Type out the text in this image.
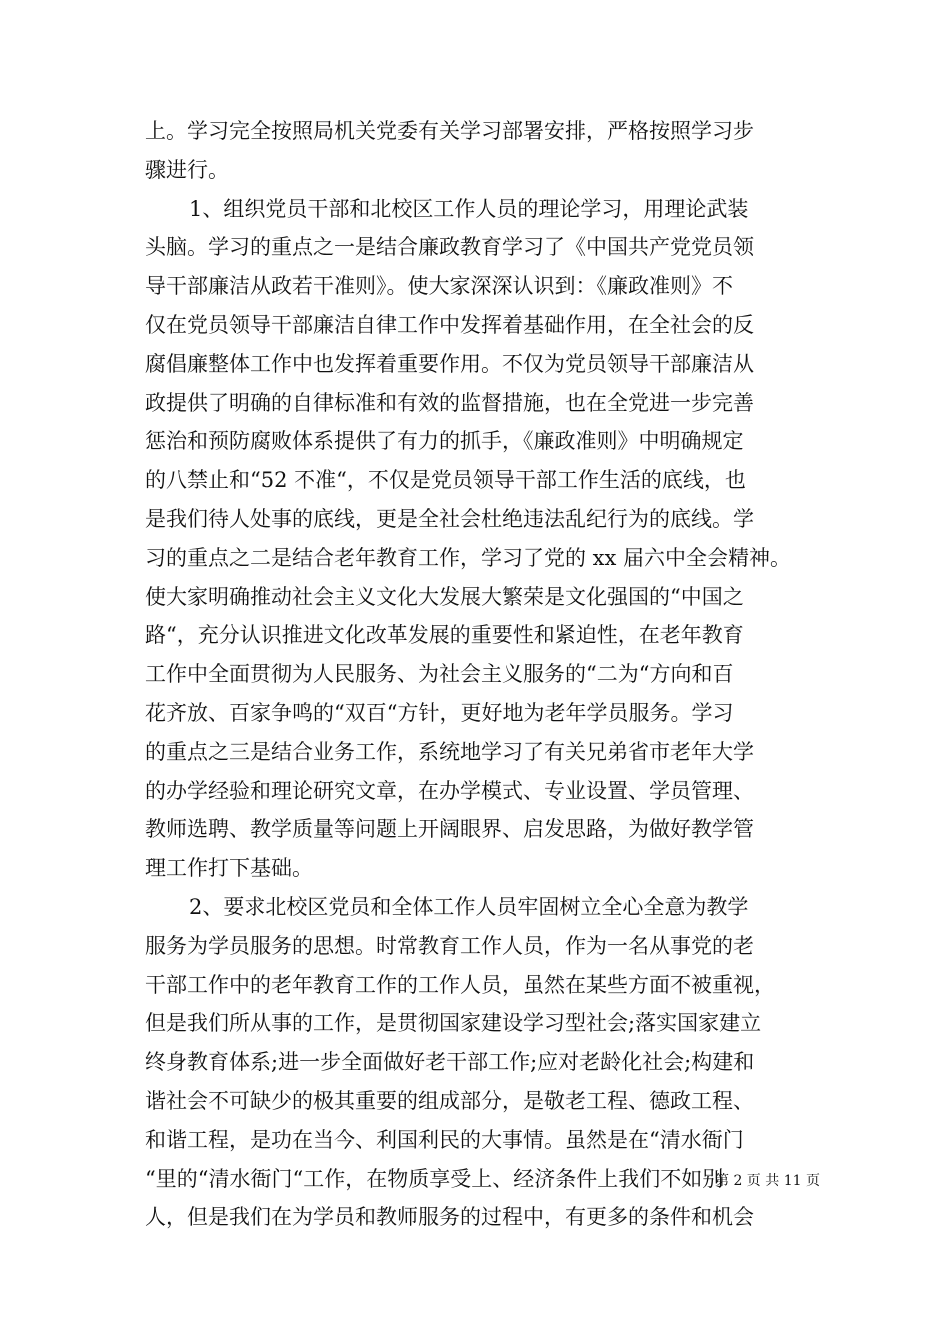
上。学习完全按照局机关党委有关学习部署安排，严格按照学习步
骤进行。
1、组织党员干部和北校区工作人员的理论学习，用理论武装
头脑。学习的重点之一是结合廉政教育学习了《中国共产党党员领
导干部廉洁从政若干准则》。使大家深深认识到：《廉政准则》不
仅在党员领导干部廉洁自律工作中发挥着基础作用，在全社会的反
腐倡廉整体工作中也发挥着重要作用。不仅为党员领导干部廉洁从
政提供了明确的自律标准和有效的监督措施，也在全党进一步完善
惩治和预防腐败体系提供了有力的抓手，《廉政准则》中明确规定
的八禁止和“52 不准“，不仅是党员领导干部工作生活的底线，也
是我们待人处事的底线，更是全社会杜绝违法乱纪行为的底线。学
习的重点之二是结合老年教育工作，学习了党的 xx 届六中全会精神。
使大家明确推动社会主义文化大发展大繁荣是文化强国的“中国之
路“，充分认识推进文化改革发展的重要性和紧迫性，在老年教育
工作中全面贯彻为人民服务、为社会主义服务的“二为“方向和百
花齐放、百家争鸣的“双百“方针，更好地为老年学员服务。学习
的重点之三是结合业务工作，系统地学习了有关兄弟省市老年大学
的办学经验和理论研究文章，在办学模式、专业设置、学员管理、
教师选聘、教学质量等问题上开阔眼界、启发思路，为做好教学管
理工作打下基础。
2、要求北校区党员和全体工作人员牢固树立全心全意为教学
服务为学员服务的思想。时常教育工作人员，作为一名从事党的老
干部工作中的老年教育工作的工作人员，虽然在某些方面不被重视，
但是我们所从事的工作，是贯彻国家建设学习型社会;落实国家建立
终身教育体系;进一步全面做好老干部工作;应对老龄化社会;构建和
谐社会不可缺少的极其重要的组成部分，是敬老工程、德政工程、
和谐工程，是功在当今、利国利民的大事情。虽然是在“清水衙门
“里的“清水衙门“工作，在物质享受上、经济条件上我们不如别
人，但是我们在为学员和教师服务的过程中，有更多的条件和机会
第 2 页 共 11 页
